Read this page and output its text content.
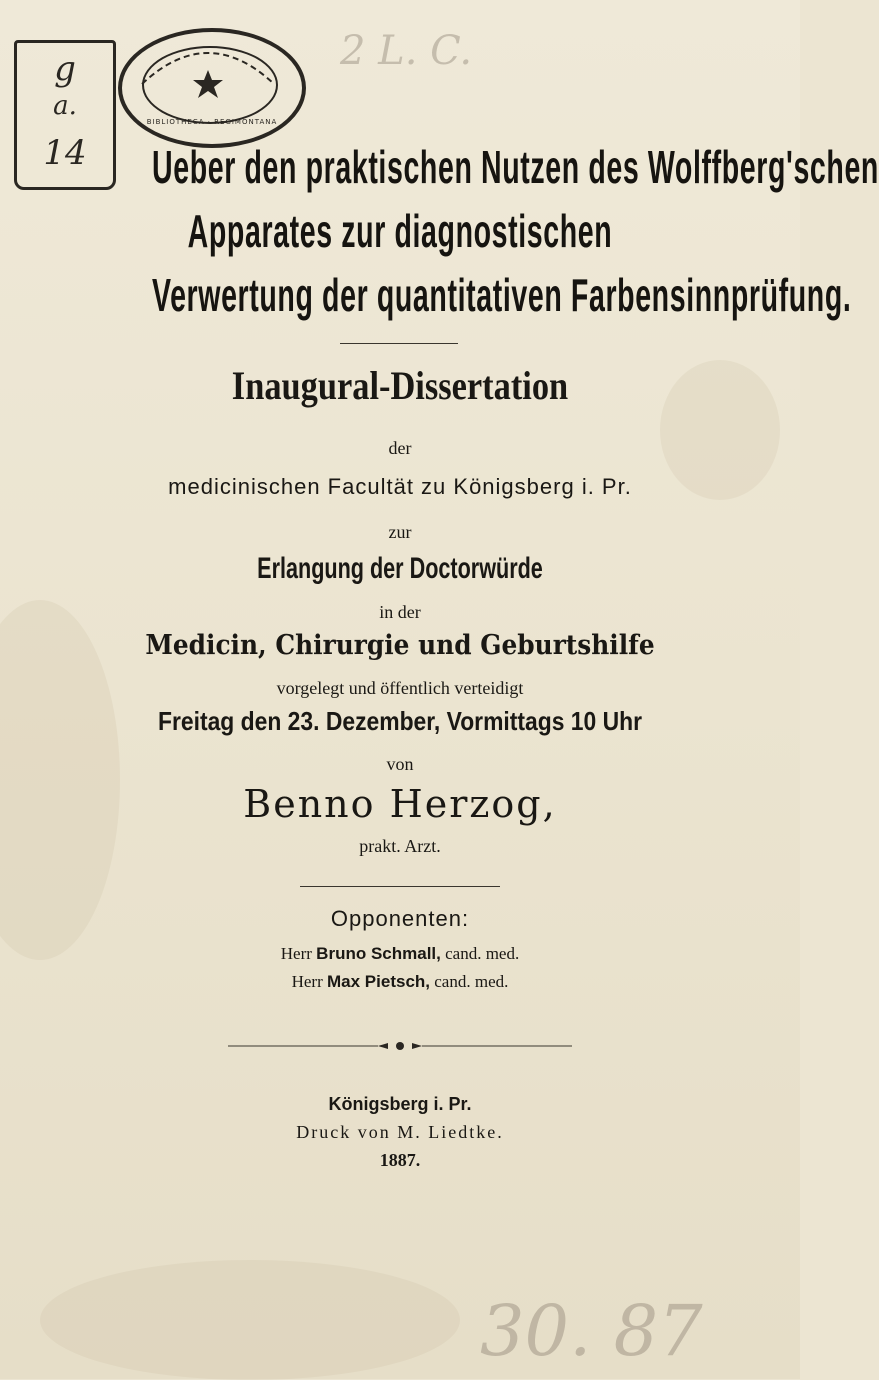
g
a.
14
BIBLIOTHECA · REGIMONTANA
2 L. C.
30. 87
Ueber den praktischen Nutzen des Wolffberg'schen
Apparates zur diagnostischen
Verwertung der quantitativen Farbensinnprüfung.
Inaugural-Dissertation
der
medicinischen Facultät zu Königsberg i. Pr.
zur
Erlangung der Doctorwürde
in der
Medicin, Chirurgie und Geburtshilfe
vorgelegt und öffentlich verteidigt
Freitag den 23. Dezember, Vormittags 10 Uhr
von
Benno Herzog,
prakt. Arzt.
Opponenten:
Herr Bruno Schmall, cand. med.
Herr Max Pietsch, cand. med.
Königsberg i. Pr.
Druck von M. Liedtke.
1887.
